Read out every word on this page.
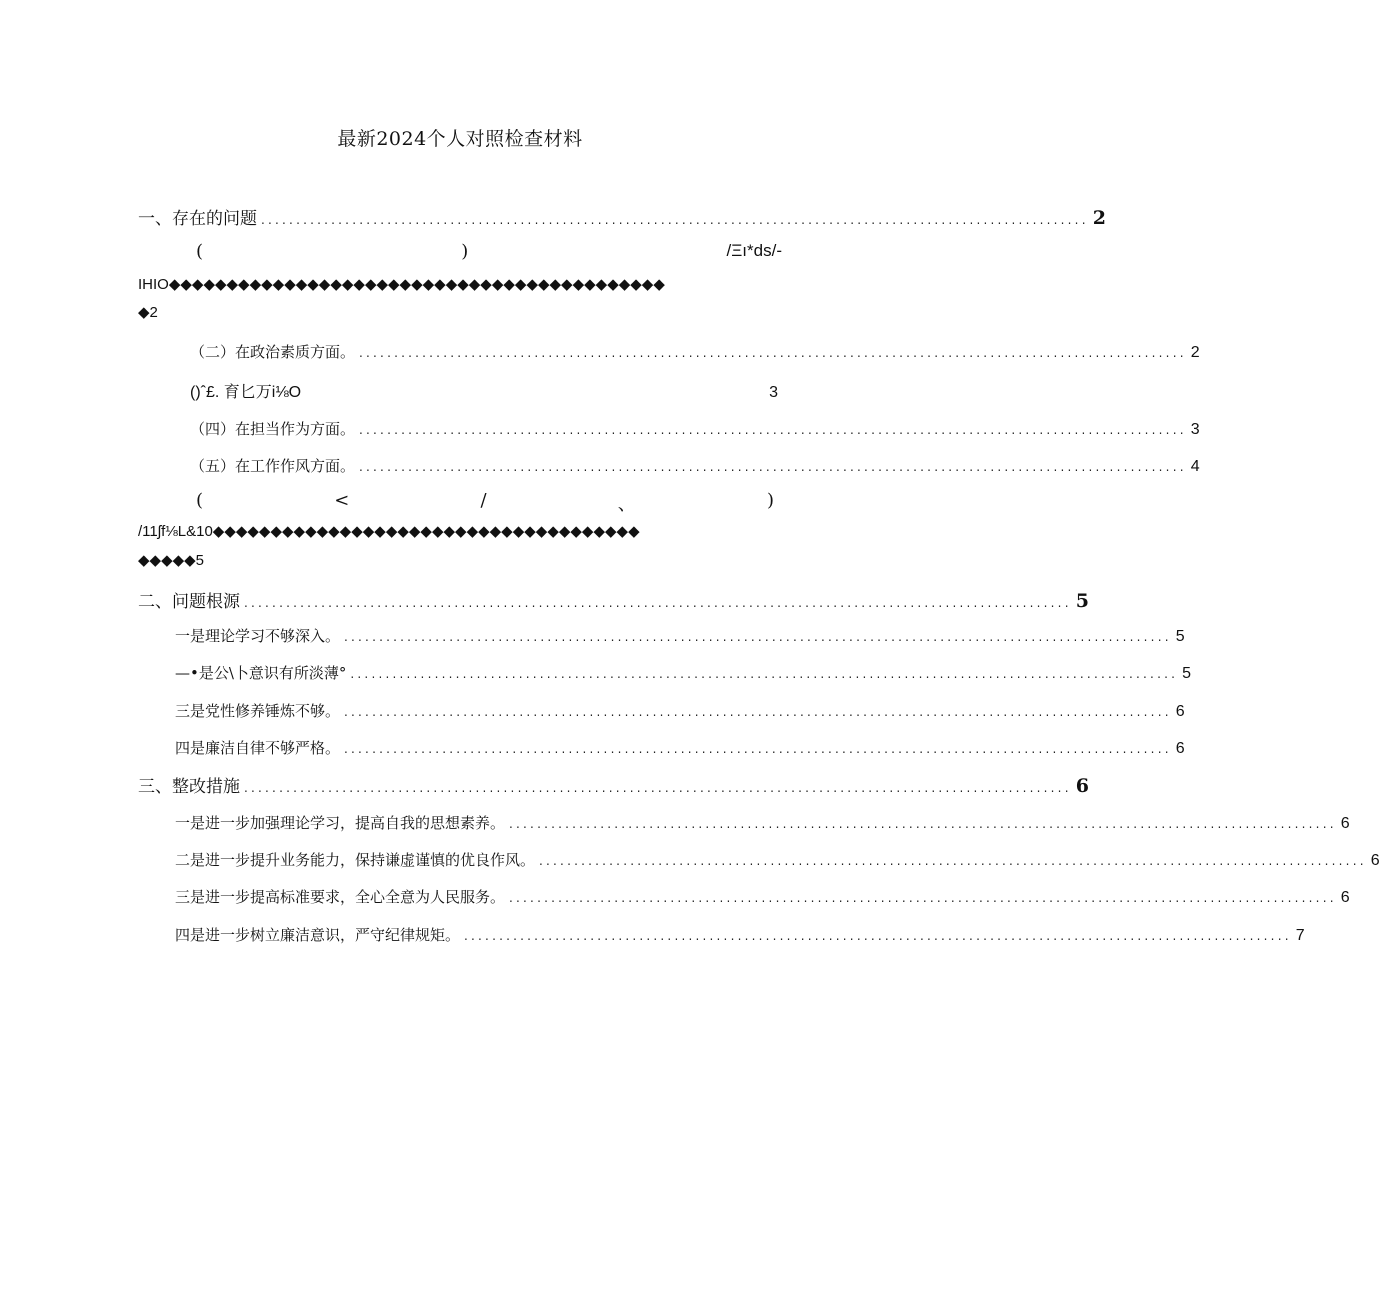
最新2024个人对照检查材料
一、存在的问题 ...................................................................................................................... 2
(	)	/Ξı*ds/-
IHIO◆◆◆◆◆◆◆◆◆◆◆◆◆◆◆◆◆◆◆◆◆◆◆◆◆◆◆◆◆◆◆◆◆◆◆◆◆◆◆◆◆◆◆
◆2
（二）在政治素质方面。 ...................................................................................................................... 2
()ˆ£. 育匕万i⅛O	3
（四）在担当作为方面。 ...................................................................................................................... 3
（五）在工作作风方面。 ...................................................................................................................... 4
(	<	/	、	)
/11ʃf⅛L&10◆◆◆◆◆◆◆◆◆◆◆◆◆◆◆◆◆◆◆◆◆◆◆◆◆◆◆◆◆◆◆◆◆◆◆◆◆
◆◆◆◆◆5
二、问题根源 ...................................................................................................................... 5
一是理论学习不够深入。 ...................................................................................................................... 5
—•是公\卜意识有所淡薄° ...................................................................................................................... 5
三是党性修养锤炼不够。 ...................................................................................................................... 6
四是廉洁自律不够严格。 ...................................................................................................................... 6
三、整改措施 ...................................................................................................................... 6
一是进一步加强理论学习，提高自我的思想素养。 ...................................................................................................................... 6
二是进一步提升业务能力，保持谦虚谨慎的优良作风。 ...................................................................................................................... 6
三是进一步提高标准要求，全心全意为人民服务。 ...................................................................................................................... 6
四是进一步树立廉洁意识，严守纪律规矩。 ...................................................................................................................... 7
